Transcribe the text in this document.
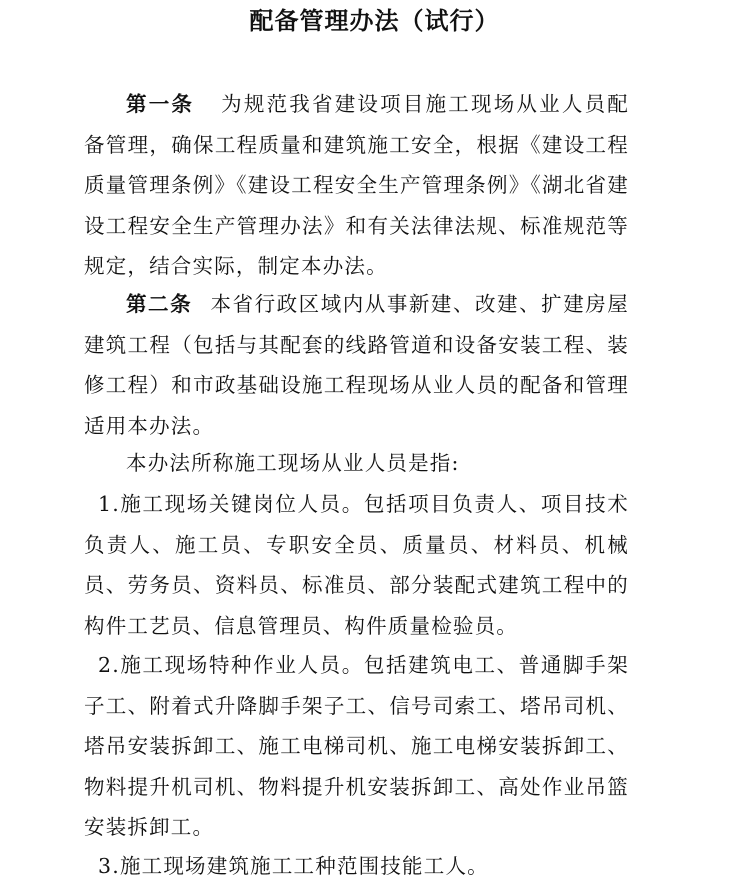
配备管理办法（试行）

第一条 为规范我省建设项目施工现场从业人员配备管理，确保工程质量和建筑施工安全，根据《建设工程质量管理条例》《建设工程安全生产管理条例》《湖北省建设工程安全生产管理办法》和有关法律法规、标准规范等规定，结合实际，制定本办法。

第二条 本省行政区域内从事新建、改建、扩建房屋建筑工程（包括与其配套的线路管道和设备安装工程、装修工程）和市政基础设施工程现场从业人员的配备和管理适用本办法。

本办法所称施工现场从业人员是指:

1.施工现场关键岗位人员。包括项目负责人、项目技术负责人、施工员、专职安全员、质量员、材料员、机械员、劳务员、资料员、标准员、部分装配式建筑工程中的构件工艺员、信息管理员、构件质量检验员。

2.施工现场特种作业人员。包括建筑电工、普通脚手架子工、附着式升降脚手架子工、信号司索工、塔吊司机、塔吊安装拆卸工、施工电梯司机、施工电梯安装拆卸工、物料提升机司机、物料提升机安装拆卸工、高处作业吊篮安装拆卸工。

3.施工现场建筑施工工种范围技能工人。
